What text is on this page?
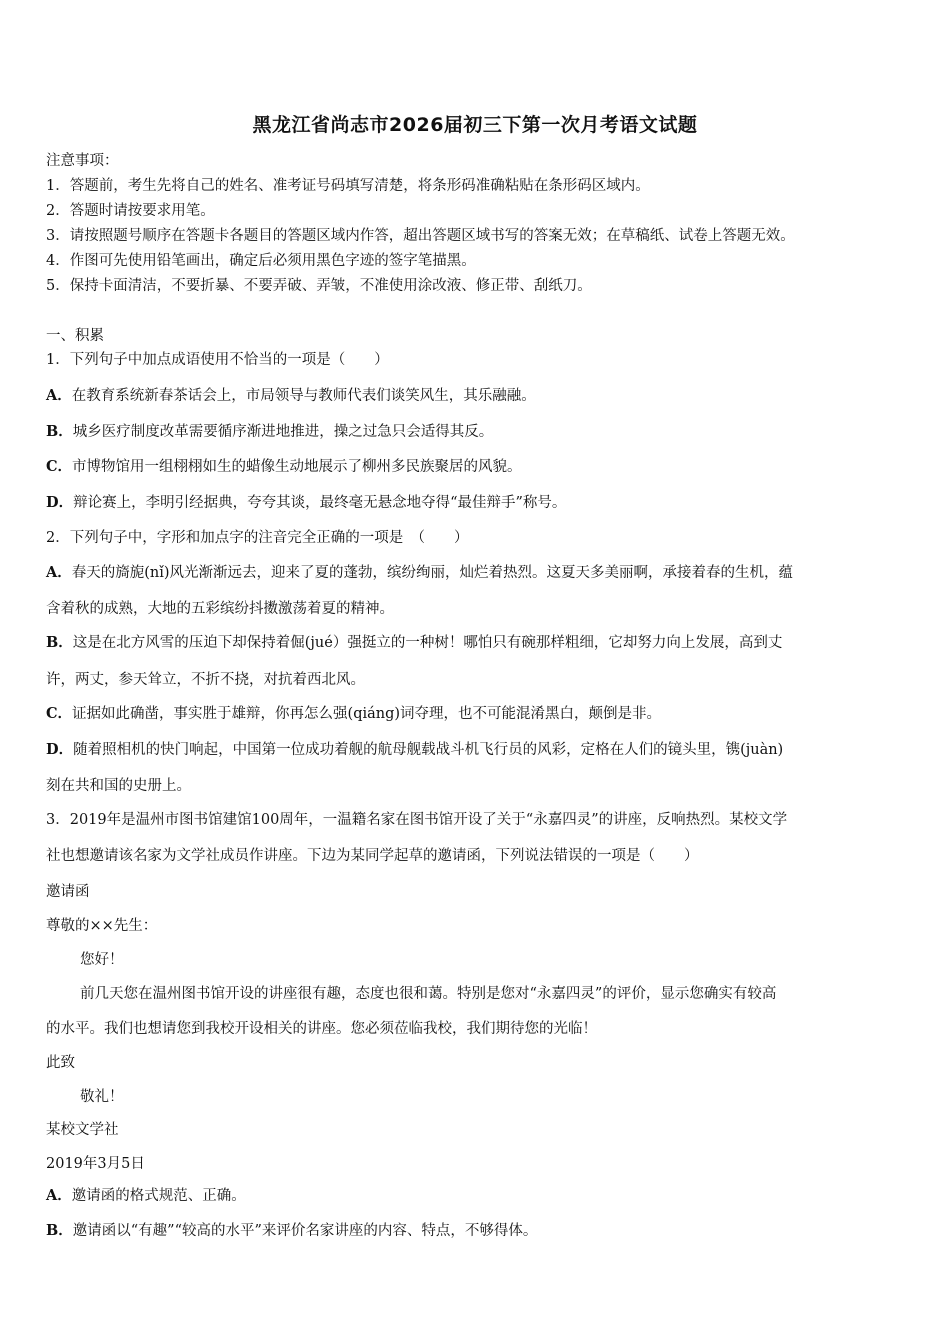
黑龙江省尚志市2026届初三下第一次月考语文试题
注意事项：
1．答题前，考生先将自己的姓名、准考证号码填写清楚，将条形码准确粘贴在条形码区域内。
2．答题时请按要求用笔。
3．请按照题号顺序在答题卡各题目的答题区域内作答，超出答题区域书写的答案无效；在草稿纸、试卷上答题无效。
4．作图可先使用铅笔画出，确定后必须用黑色字迹的签字笔描黑。
5．保持卡面清洁，不要折暴、不要弄破、弄皱，不准使用涂改液、修正带、刮纸刀。
一、积累
1．下列句子中加点成语使用不恰当的一项是（　　）
A．在教育系统新春茶话会上，市局领导与教师代表们谈笑风生，其乐融融。
B．城乡医疗制度改革需要循序渐进地推进，操之过急只会适得其反。
C．市博物馆用一组栩栩如生的蜡像生动地展示了柳州多民族聚居的风貌。
D．辩论赛上，李明引经据典，夸夸其谈，最终毫无悬念地夺得“最佳辩手”称号。
2．下列句子中，字形和加点字的注音完全正确的一项是　（　　）
A．春天的旖旎(nǐ)风光渐渐远去，迎来了夏的蓬勃，缤纷绚丽，灿烂着热烈。这夏天多美丽啊，承接着春的生机，蕴
含着秋的成熟，大地的五彩缤纷抖擞激荡着夏的精神。
B．这是在北方风雪的压迫下却保持着倔(jué）强挺立的一种树！哪怕只有碗那样粗细，它却努力向上发展，高到丈
许，两丈，参天耸立，不折不挠，对抗着西北风。
C．证据如此确凿，事实胜于雄辩，你再怎么强(qiáng)词夺理，也不可能混淆黑白，颠倒是非。
D．随着照相机的快门响起，中国第一位成功着舰的航母舰载战斗机飞行员的风彩，定格在人们的镜头里，镌(juàn)
刻在共和国的史册上。
3．2019年是温州市图书馆建馆100周年，一温籍名家在图书馆开设了关于“永嘉四灵”的讲座，反响热烈。某校文学
社也想邀请该名家为文学社成员作讲座。下边为某同学起草的邀请函，下列说法错误的一项是（　　）
邀请函
尊敬的××先生：
您好！
前几天您在温州图书馆开设的讲座很有趣，态度也很和蔼。特别是您对“永嘉四灵”的评价，显示您确实有较高
的水平。我们也想请您到我校开设相关的讲座。您必须莅临我校，我们期待您的光临！
此致
敬礼！
某校文学社
2019年3月5日
A．邀请函的格式规范、正确。
B．邀请函以“有趣”“较高的水平”来评价名家讲座的内容、特点，不够得体。
